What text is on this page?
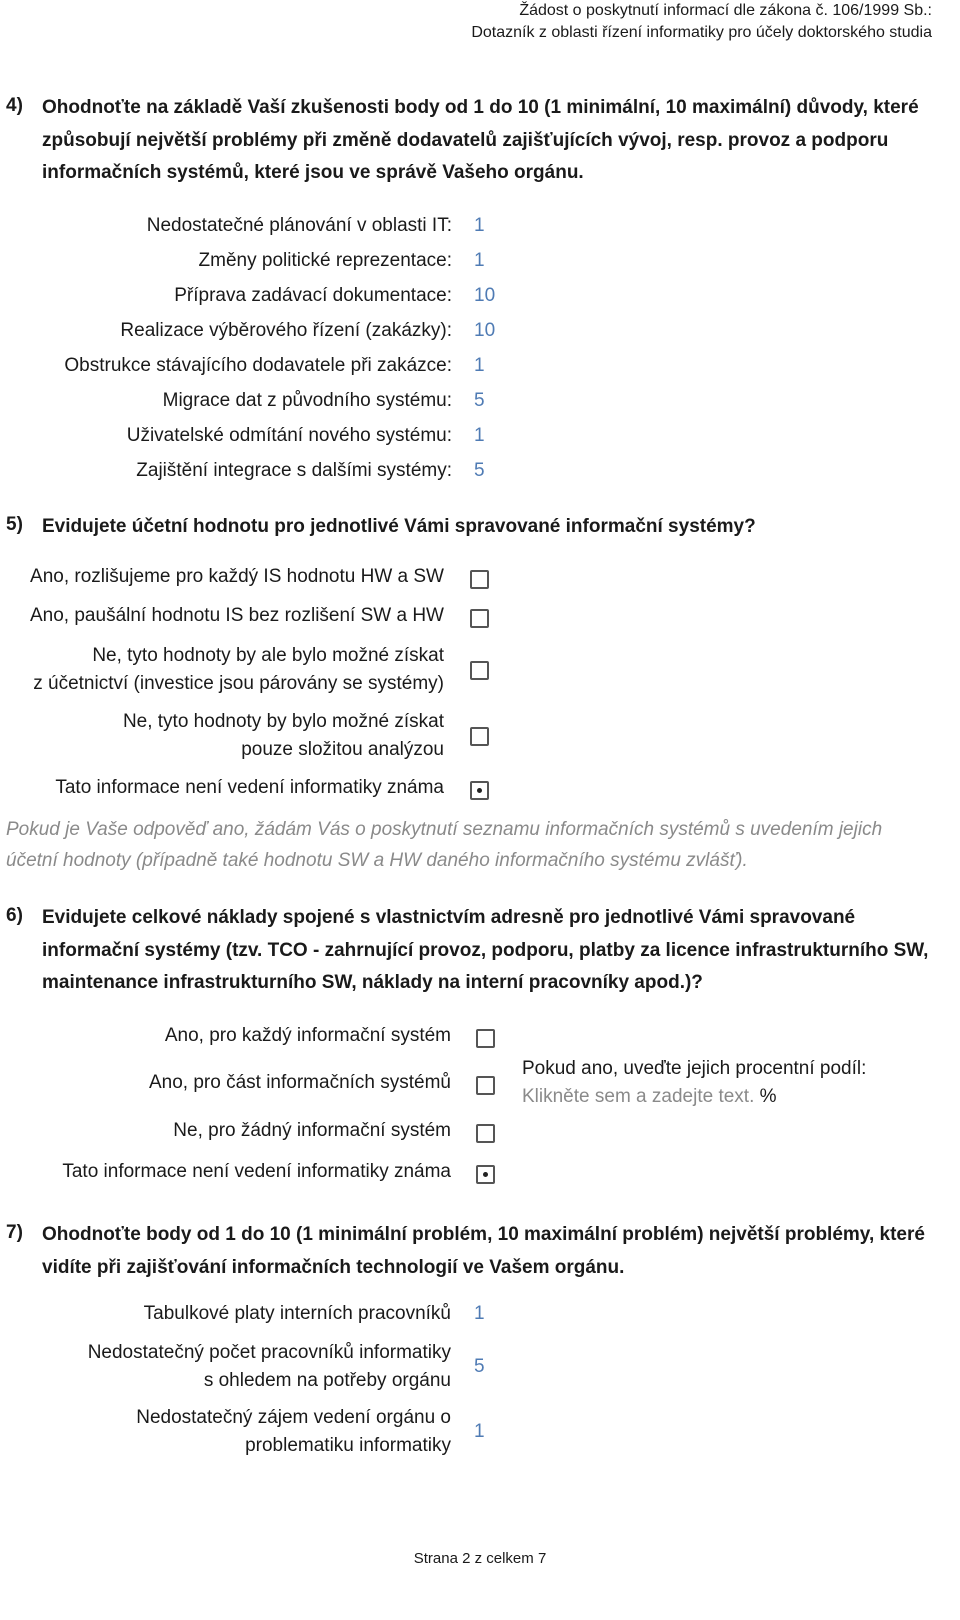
Žádost o poskytnutí informací dle zákona č. 106/1999 Sb.:
Dotazník z oblasti řízení informatiky pro účely doktorského studia
4) Ohodnoťte na základě Vaší zkušenosti body od 1 do 10 (1 minimální, 10 maximální) důvody, které způsobují největší problémy při změně dodavatelů zajišťujících vývoj, resp. provoz a podporu informačních systémů, které jsou ve správě Vašeho orgánu.
Nedostatečné plánování v oblasti IT: 1
Změny politické reprezentace: 1
Příprava zadávací dokumentace: 10
Realizace výběrového řízení (zakázky): 10
Obstrukce stávajícího dodavatele při zakázce: 1
Migrace dat z původního systému: 5
Uživatelské odmítání nového systému: 1
Zajištění integrace s dalšími systémy: 5
5) Evidujete účetní hodnotu pro jednotlivé Vámi spravované informační systémy?
Ano, rozlišujeme pro každý IS hodnotu HW a SW
Ano, paušální hodnotu IS bez rozlišení SW a HW
Ne, tyto hodnoty by ale bylo možné získat
z účetnictví (investice jsou párovány se systémy)
Ne, tyto hodnoty by bylo možné získat
pouze složitou analýzou
Tato informace není vedení informatiky známa
Pokud je Vaše odpověď ano, žádám Vás o poskytnutí seznamu informačních systémů s uvedením jejich účetní hodnoty (případně také hodnotu SW a HW daného informačního systému zvlášť).
6) Evidujete celkové náklady spojené s vlastnictvím adresně pro jednotlivé Vámi spravované informační systémy (tzv. TCO - zahrnující provoz, podporu, platby za licence infrastrukturního SW, maintenance infrastrukturního SW, náklady na interní pracovníky apod.)?
Ano, pro každý informační systém
Ano, pro část informačních systémů
Ne, pro žádný informační systém
Tato informace není vedení informatiky známa
Pokud ano, uveďte jejich procentní podíl:
Klikněte sem a zadejte text. %
7) Ohodnoťte body od 1 do 10 (1 minimální problém, 10 maximální problém) největší problémy, které vidíte při zajišťování informačních technologií ve Vašem orgánu.
Tabulkové platy interních pracovníků 1
Nedostatečný počet pracovníků informatiky
s ohledem na potřeby orgánu
5
Nedostatečný zájem vedení orgánu o
problematiku informatiky
1
Strana 2 z celkem 7
